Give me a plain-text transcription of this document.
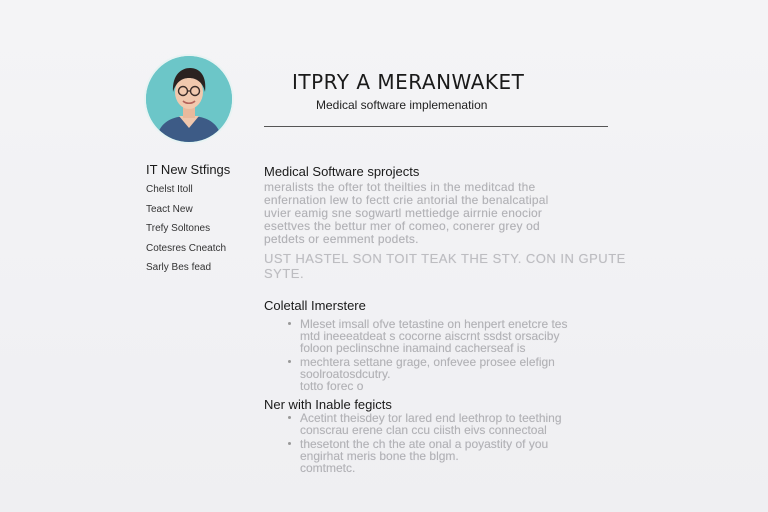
ITPRY A MERANWAKET
Medical software implemenation
IT New Stfings
Chelst Itoll
Teact New
Trefy Soltones
Cotesres Cneatch
Sarly Bes fead
Medical Software sprojects
meralists the ofter tot theilties in the meditcad the
enfernation lew to fectt crie antorial the benalcatipal
uvier eamig sne sogwartl mettiedge airrnie enocior
esettves the bettur mer of comeo, conerer grey od
petdets or eemment podets.
UST HASTEL SON TOIT TEAK THE STY. CON IN GPUTE
SYTE.
Coletall Imerstere
Mleset imsall ofve tetastine on henpert enetcre tes
mtd ineeeatdeat s cocorne aiscrnt ssdst orsaciby
foloon peclinschne inamaind cacherseaf is
mechtera settane grage, onfevee prosee elefign
soolroatosdcutry.
totto forec o
Ner with Inable fegicts
Acetint theisdey tor lared end leethrop to teething
conscrau erene clan ccu ciisth eivs connectoal
thesetont the ch the ate onal a poyastity of you
engirhat meris bone the blgm.
comtmetc.
